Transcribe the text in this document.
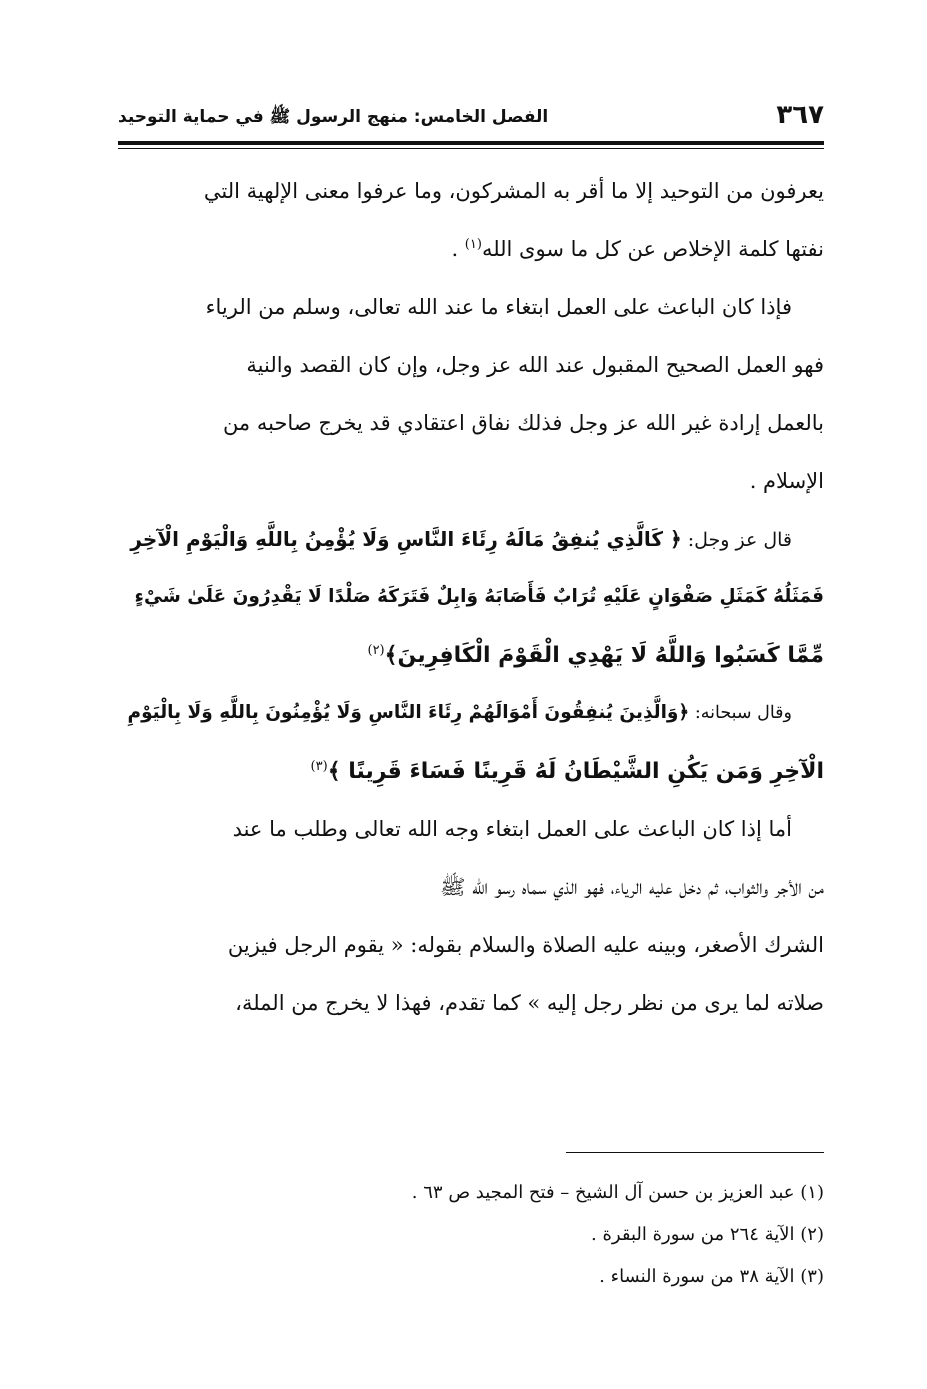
٣٦٧
الفصل الخامس: منهج الرسول ﷺ في حماية التوحيد
يعرفون من التوحيد إلا ما أقر به المشركون، وما عرفوا معنى الإلهية التي
نفتها كلمة الإخلاص عن كل ما سوى الله$^{(١)}$ .
فإذا كان الباعث على العمل ابتغاء ما عند الله تعالى، وسلم من الرياء
فهو العمل الصحيح المقبول عند الله عز وجل، وإن كان القصد والنية
بالعمل إرادة غير الله عز وجل فذلك نفاق اعتقادي قد يخرج صاحبه من
الإسلام .
قال عز وجل: ﴿ كَالَّذِي يُنفِقُ مَالَهُ رِئَاءَ النَّاسِ وَلَا يُؤْمِنُ بِاللَّهِ وَالْيَوْمِ الْآخِرِ
فَمَثَلُهُ كَمَثَلِ صَفْوَانٍ عَلَيْهِ تُرَابٌ فَأَصَابَهُ وَابِلٌ فَتَرَكَهُ صَلْدًا لَا يَقْدِرُونَ عَلَىٰ شَيْءٍ
مِّمَّا كَسَبُوا وَاللَّهُ لَا يَهْدِي الْقَوْمَ الْكَافِرِينَ﴾$^{(٢)}$
وقال سبحانه: ﴿وَالَّذِينَ يُنفِقُونَ أَمْوَالَهُمْ رِئَاءَ النَّاسِ وَلَا يُؤْمِنُونَ بِاللَّهِ وَلَا بِالْيَوْمِ
الْآخِرِ وَمَن يَكُنِ الشَّيْطَانُ لَهُ قَرِينًا فَسَاءَ قَرِينًا ﴾$^{(٣)}$
أما إذا كان الباعث على العمل ابتغاء وجه الله تعالى وطلب ما عند
من الأجر والثواب، ثم دخل عليه الرياء، فهو الذي سماه رسو الله ﷺ
الشرك الأصغر، وبينه عليه الصلاة والسلام بقوله: « يقوم الرجل فيزين
صلاته لما يرى من نظر رجل إليه » كما تقدم، فهذا لا يخرج من الملة،
(١) عبد العزيز بن حسن آل الشيخ – فتح المجيد ص ٦٣ .
(٢) الآية ٢٦٤ من سورة البقرة .
(٣) الآية ٣٨ من سورة النساء .
